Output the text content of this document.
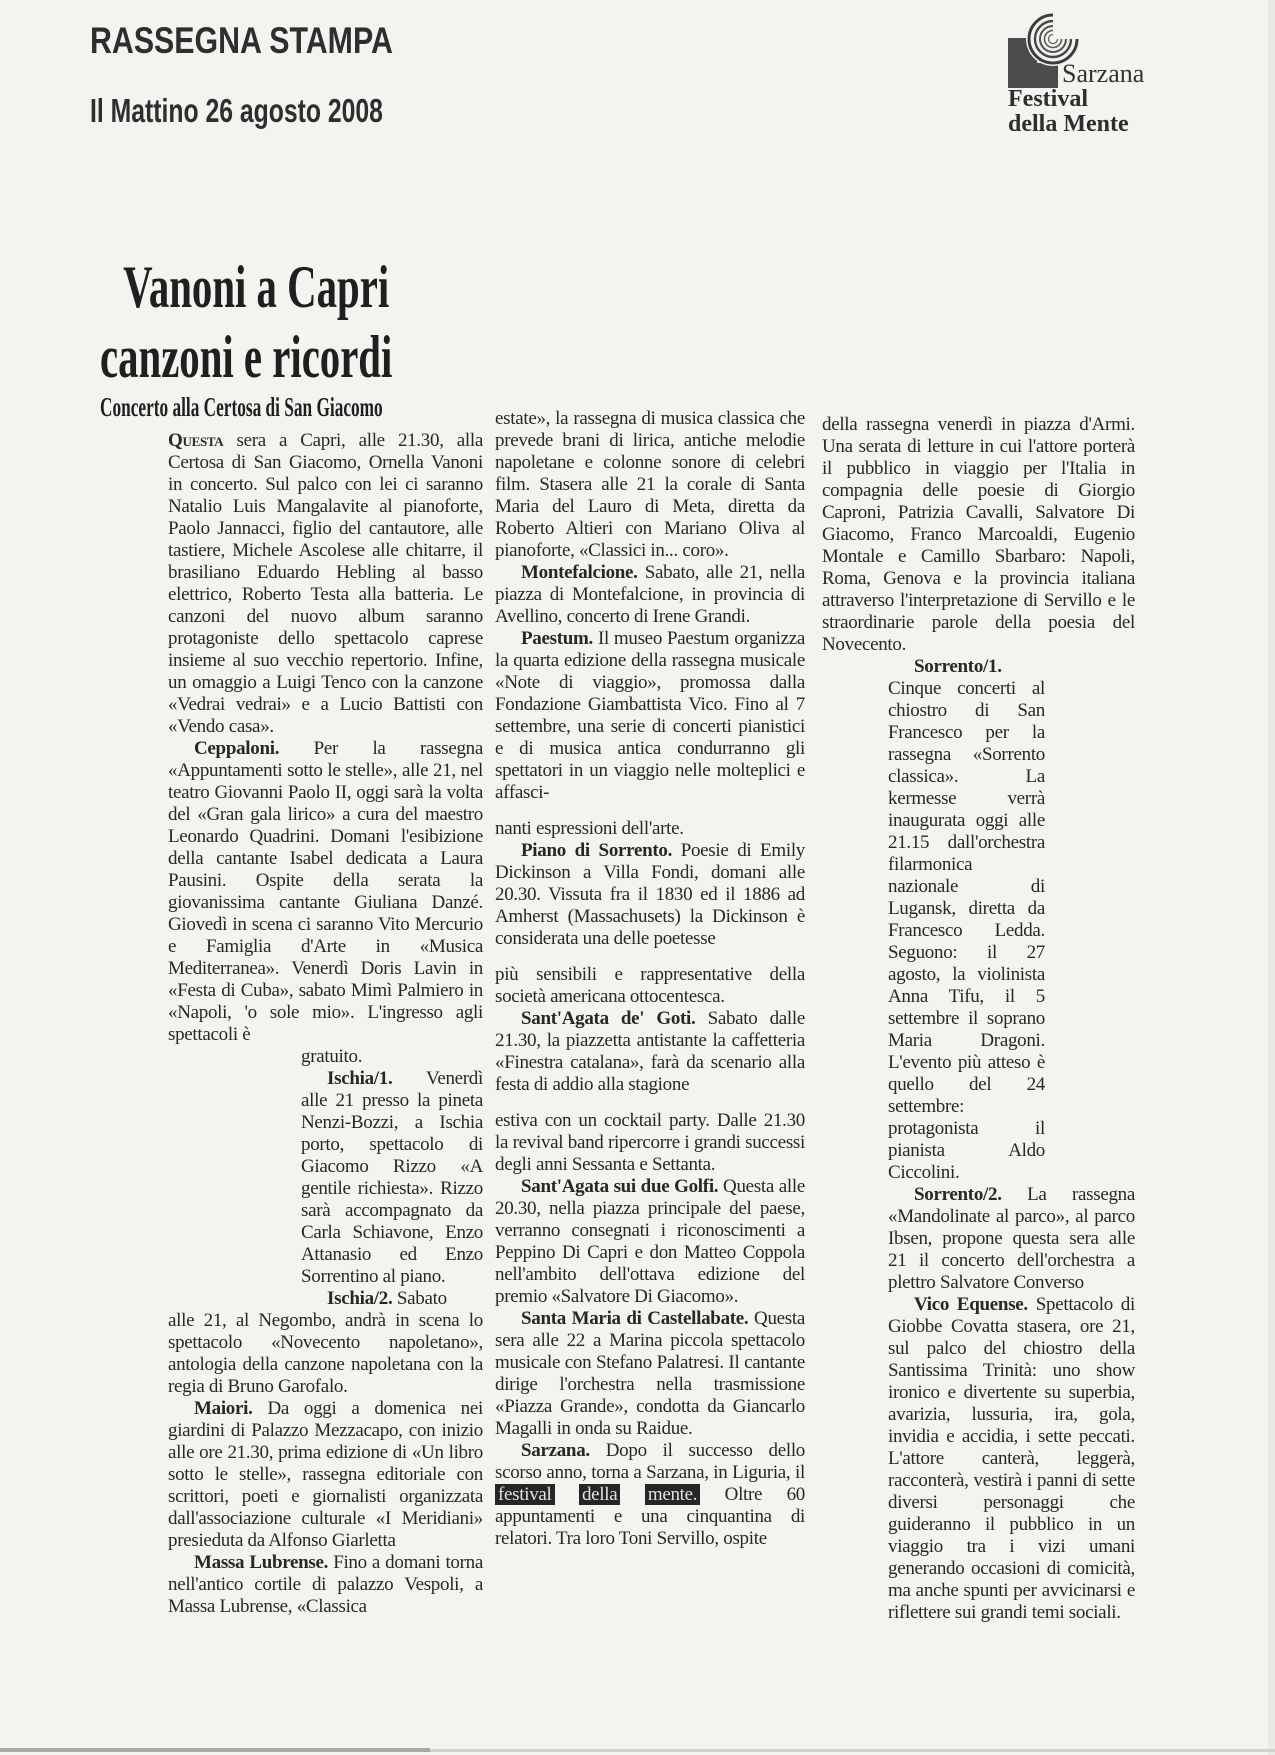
RASSEGNA STAMPA
Il Mattino 26 agosto 2008
Sarzana
Festival
della Mente
Vanoni a Capri
canzoni e ricordi
Concerto alla Certosa di San Giacomo

Questa sera a Capri, alle 21.30, alla Certosa di San Giacomo, Ornella Vanoni in concerto. Sul palco con lei ci saranno Natalio Luis Mangalavite al pianoforte, Paolo Jannacci, figlio del cantautore, alle tastiere, Michele Ascolese alle chitarre, il brasiliano Eduardo Hebling al basso elettrico, Roberto Testa alla batteria. Le canzoni del nuovo album saranno protagoniste dello spettacolo caprese insieme al suo vecchio repertorio. Infine, un omaggio a Luigi Tenco con la canzone «Vedrai vedrai» e a Lucio Battisti con «Vendo casa».

Ceppaloni. Per la rassegna «Appuntamenti sotto le stelle», alle 21, nel teatro Giovanni Paolo II, oggi sarà la volta del «Gran gala lirico» a cura del maestro Leonardo Quadrini. Domani l'esibizione della cantante Isabel dedicata a Laura Pausini. Ospite della serata la giovanissima cantante Giuliana Danzé. Giovedì in scena ci saranno Vito Mercurio e Famiglia d'Arte in «Musica Mediterranea». Venerdì Doris Lavin in «Festa di Cuba», sabato Mimì Palmiero in «Napoli, 'o sole mio». L'ingresso agli spettacoli è

gratuito.

Ischia/1. Venerdì alle 21 presso la pineta Nenzi-Bozzi, a Ischia porto, spettacolo di Giacomo Rizzo «A gentile richiesta». Rizzo sarà accompagnato da Carla Schiavone, Enzo Attanasio ed Enzo Sorrentino al piano.

Ischia/2. Sabato

alle 21, al Negombo, andrà in scena lo spettacolo «Novecento napoletano», antologia della canzone napoletana con la regia di Bruno Garofalo.

Maiori. Da oggi a domenica nei giardini di Palazzo Mezzacapo, con inizio alle ore 21.30, prima edizione di «Un libro sotto le stelle», rassegna editoriale con scrittori, poeti e giornalisti organizzata dall'associazione culturale «I Meridiani» presieduta da Alfonso Giarletta

Massa Lubrense. Fino a domani torna nell'antico cortile di palazzo Vespoli, a Massa Lubrense, «Classica

estate», la rassegna di musica classica che prevede brani di lirica, antiche melodie napoletane e colonne sonore di celebri film. Stasera alle 21 la corale di Santa Maria del Lauro di Meta, diretta da Roberto Altieri con Mariano Oliva al pianoforte, «Classici in... coro».

Montefalcione. Sabato, alle 21, nella piazza di Montefalcione, in provincia di Avellino, concerto di Irene Grandi.

Paestum. Il museo Paestum organizza la quarta edizione della rassegna musicale «Note di viaggio», promossa dalla Fondazione Giambattista Vico. Fino al 7 settembre, una serie di concerti pianistici e di musica antica condurranno gli spettatori in un viaggio nelle molteplici e affasci-

nanti espressioni dell'arte.

Piano di Sorrento. Poesie di Emily Dickinson a Villa Fondi, domani alle 20.30. Vissuta fra il 1830 ed il 1886 ad Amherst (Massachusets) la Dickinson è considerata una delle poetesse

più sensibili e rappresentative della società americana ottocentesca.

Sant'Agata de' Goti. Sabato dalle 21.30, la piazzetta antistante la caffetteria «Finestra catalana», farà da scenario alla festa di addio alla stagione

estiva con un cocktail party. Dalle 21.30 la revival band ripercorre i grandi successi degli anni Sessanta e Settanta.

Sant'Agata sui due Golfi. Questa alle 20.30, nella piazza principale del paese, verranno consegnati i riconoscimenti a Peppino Di Capri e don Matteo Coppola nell'ambito dell'ottava edizione del premio «Salvatore Di Giacomo».

Santa Maria di Castellabate. Questa sera alle 22 a Marina piccola spettacolo musicale con Stefano Palatresi. Il cantante dirige l'orchestra nella trasmissione «Piazza Grande», condotta da Giancarlo Magalli in onda su Raidue.

Sarzana. Dopo il successo dello scorso anno, torna a Sarzana, in Liguria, il festival della mente. Oltre 60 appuntamenti e una cinquantina di relatori. Tra loro Toni Servillo, ospite

della rassegna venerdì in piazza d'Armi. Una serata di letture in cui l'attore porterà il pubblico in viaggio per l'Italia in compagnia delle poesie di Giorgio Caproni, Patrizia Cavalli, Salvatore Di Giacomo, Franco Marcoaldi, Eugenio Montale e Camillo Sbarbaro: Napoli, Roma, Genova e la provincia italiana attraverso l'interpretazione di Servillo e le straordinarie parole della poesia del Novecento.

Sorrento/1. Cinque concerti al chiostro di San Francesco per la rassegna «Sorrento classica». La kermesse verrà inaugurata oggi alle 21.15 dall'orchestra filarmonica nazionale di Lugansk, diretta da Francesco Ledda. Seguono: il 27 agosto, la violinista Anna Tifu, il 5 settembre il soprano Maria Dragoni. L'evento più atteso è quello del 24 settembre: protagonista il pianista Aldo Ciccolini.

Sorrento/2. La rassegna «Mandolinate al parco», al parco Ibsen, propone questa sera alle 21 il concerto dell'orchestra a plettro Salvatore Converso

Vico Equense. Spettacolo di Giobbe Covatta stasera, ore 21, sul palco del chiostro della Santissima Trinità: uno show ironico e divertente su superbia, avarizia, lussuria, ira, gola, invidia e accidia, i sette peccati. L'attore canterà, leggerà, racconterà, vestirà i panni di sette diversi personaggi che guideranno il pubblico in un viaggio tra i vizi umani generando occasioni di comicità, ma anche spunti per avvicinarsi e riflettere sui grandi temi sociali.
